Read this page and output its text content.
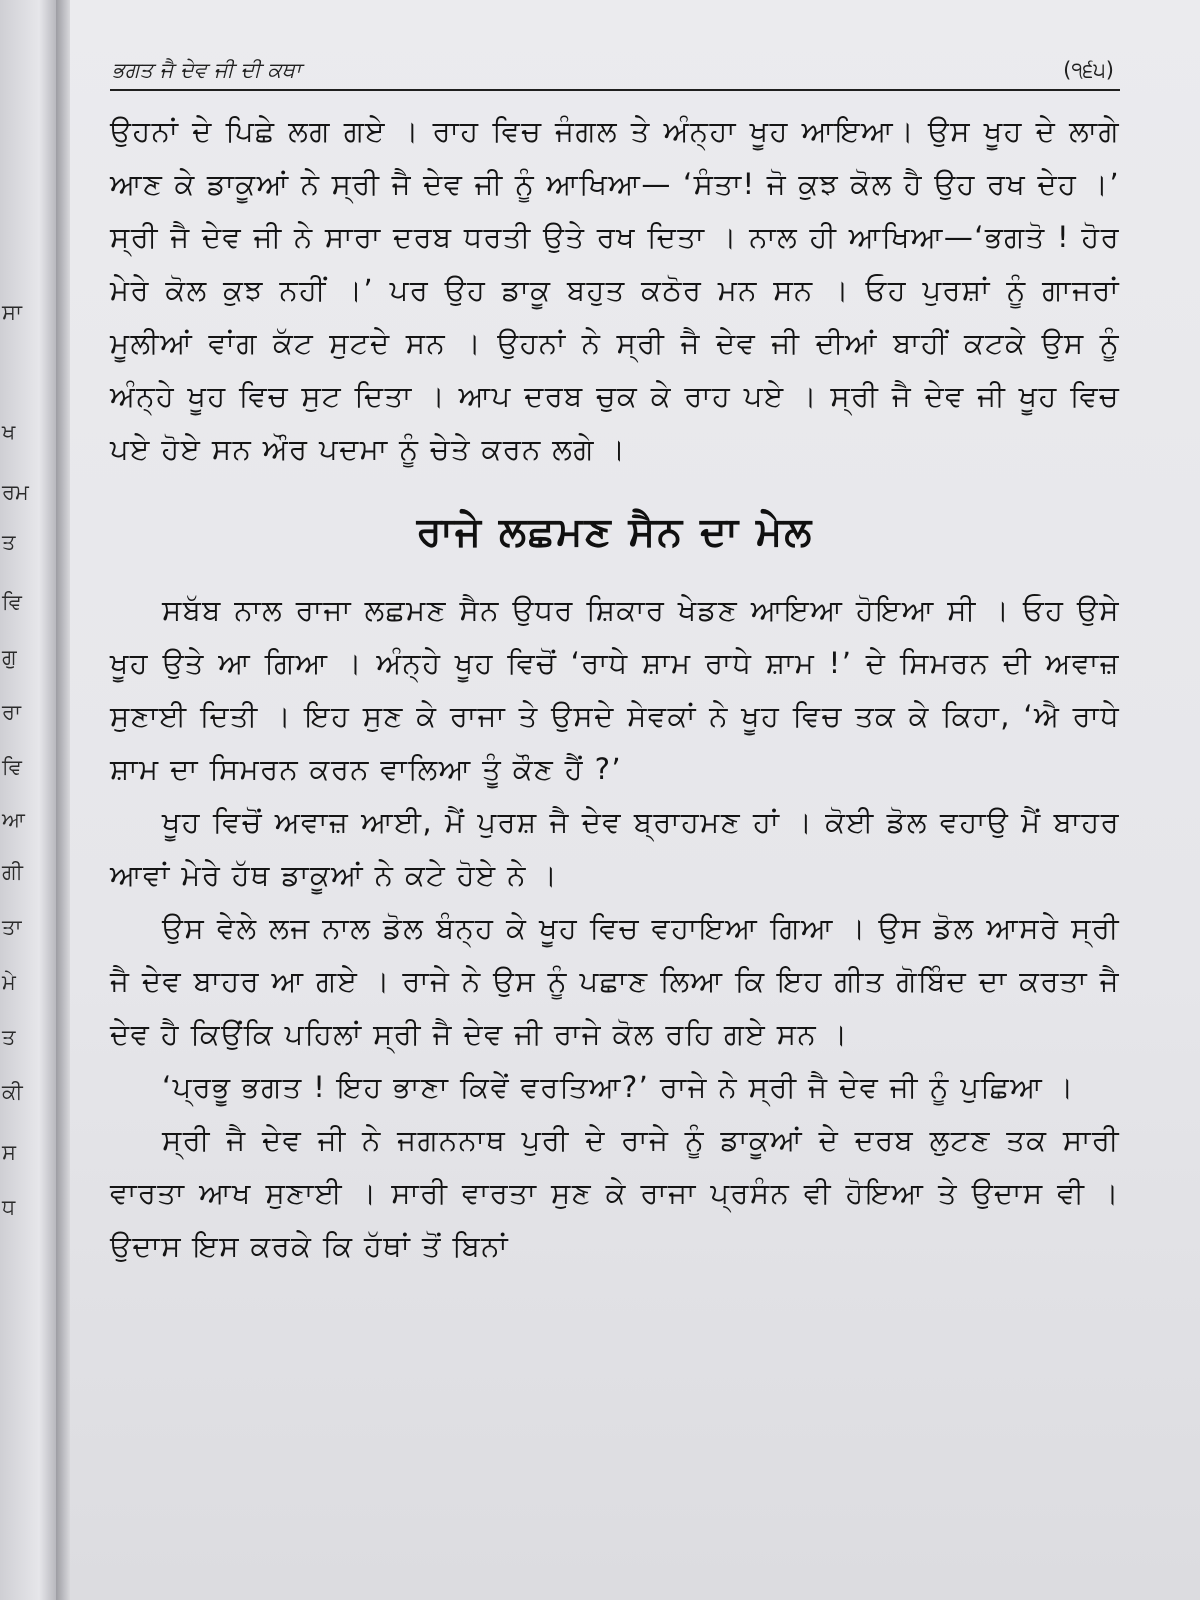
ਸਾ
ਖ
ਰਮ
ਤ
ਵਿ
ਗੁ
ਰਾ
ਵਿ
ਆ
ਗੀ
ਤਾ
ਮੇ
ਤ
ਕੀ
ਸ
ਧ
ਭਗਤ ਜੈ ਦੇਵ ਜੀ ਦੀ ਕਥਾ	(੧੬੫)

ਉਹਨਾਂ ਦੇ ਪਿਛੇ ਲਗ ਗਏ । ਰਾਹ ਵਿਚ ਜੰਗਲ ਤੇ ਅੰਨ੍ਹਾ ਖੂਹ ਆਇਆ। ਉਸ ਖੂਹ ਦੇ ਲਾਗੇ ਆਣ ਕੇ ਡਾਕੂਆਂ ਨੇ ਸ੍ਰੀ ਜੈ ਦੇਵ ਜੀ ਨੂੰ ਆਖਿਆ— ‘ਸੰਤਾ! ਜੋ ਕੁਝ ਕੋਲ ਹੈ ਉਹ ਰਖ ਦੇਹ ।’ ਸ੍ਰੀ ਜੈ ਦੇਵ ਜੀ ਨੇ ਸਾਰਾ ਦਰਬ ਧਰਤੀ ਉਤੇ ਰਖ ਦਿਤਾ । ਨਾਲ ਹੀ ਆਖਿਆ—‘ਭਗਤੋ ! ਹੋਰ ਮੇਰੇ ਕੋਲ ਕੁਝ ਨਹੀਂ ।’ ਪਰ ਉਹ ਡਾਕੂ ਬਹੁਤ ਕਠੋਰ ਮਨ ਸਨ । ਓਹ ਪੁਰਸ਼ਾਂ ਨੂੰ ਗਾਜਰਾਂ ਮੂਲੀਆਂ ਵਾਂਗ ਕੱਟ ਸੁਟਦੇ ਸਨ । ਉਹਨਾਂ ਨੇ ਸ੍ਰੀ ਜੈ ਦੇਵ ਜੀ ਦੀਆਂ ਬਾਹੀਂ ਕਟਕੇ ਉਸ ਨੂੰ ਅੰਨ੍ਹੇ ਖੂਹ ਵਿਚ ਸੁਟ ਦਿਤਾ । ਆਪ ਦਰਬ ਚੁਕ ਕੇ ਰਾਹ ਪਏ । ਸ੍ਰੀ ਜੈ ਦੇਵ ਜੀ ਖੂਹ ਵਿਚ ਪਏ ਹੋਏ ਸਨ ਔਰ ਪਦਮਾ ਨੂੰ ਚੇਤੇ ਕਰਨ ਲਗੇ ।

ਰਾਜੇ ਲਛਮਣ ਸੈਨ ਦਾ ਮੇਲ

ਸਬੱਬ ਨਾਲ ਰਾਜਾ ਲਛਮਣ ਸੈਨ ਉਧਰ ਸ਼ਿਕਾਰ ਖੇਡਣ ਆਇਆ ਹੋਇਆ ਸੀ । ਓਹ ਉਸੇ ਖੂਹ ਉਤੇ ਆ ਗਿਆ । ਅੰਨ੍ਹੇ ਖੂਹ ਵਿਚੋਂ ‘ਰਾਧੇ ਸ਼ਾਮ ਰਾਧੇ ਸ਼ਾਮ !’ ਦੇ ਸਿਮਰਨ ਦੀ ਅਵਾਜ਼ ਸੁਣਾਈ ਦਿਤੀ । ਇਹ ਸੁਣ ਕੇ ਰਾਜਾ ਤੇ ਉਸਦੇ ਸੇਵਕਾਂ ਨੇ ਖੂਹ ਵਿਚ ਤਕ ਕੇ ਕਿਹਾ, ‘ਐ ਰਾਧੇ ਸ਼ਾਮ ਦਾ ਸਿਮਰਨ ਕਰਨ ਵਾਲਿਆ ਤੂੰ ਕੌਣ ਹੈਂ ?’

ਖੂਹ ਵਿਚੋਂ ਅਵਾਜ਼ ਆਈ, ਮੈਂ ਪੁਰਸ਼ ਜੈ ਦੇਵ ਬ੍ਰਾਹਮਣ ਹਾਂ । ਕੋਈ ਡੋਲ ਵਹਾਉ ਮੈਂ ਬਾਹਰ ਆਵਾਂ ਮੇਰੇ ਹੱਥ ਡਾਕੂਆਂ ਨੇ ਕਟੇ ਹੋਏ ਨੇ ।

ਉਸ ਵੇਲੇ ਲਜ ਨਾਲ ਡੋਲ ਬੰਨ੍ਹ ਕੇ ਖੂਹ ਵਿਚ ਵਹਾਇਆ ਗਿਆ । ਉਸ ਡੋਲ ਆਸਰੇ ਸ੍ਰੀ ਜੈ ਦੇਵ ਬਾਹਰ ਆ ਗਏ । ਰਾਜੇ ਨੇ ਉਸ ਨੂੰ ਪਛਾਣ ਲਿਆ ਕਿ ਇਹ ਗੀਤ ਗੋਬਿੰਦ ਦਾ ਕਰਤਾ ਜੈ ਦੇਵ ਹੈ ਕਿਉਂਕਿ ਪਹਿਲਾਂ ਸ੍ਰੀ ਜੈ ਦੇਵ ਜੀ ਰਾਜੇ ਕੋਲ ਰਹਿ ਗਏ ਸਨ ।

‘ਪ੍ਰਭੂ ਭਗਤ ! ਇਹ ਭਾਣਾ ਕਿਵੇਂ ਵਰਤਿਆ?’ ਰਾਜੇ ਨੇ ਸ੍ਰੀ ਜੈ ਦੇਵ ਜੀ ਨੂੰ ਪੁਛਿਆ ।

ਸ੍ਰੀ ਜੈ ਦੇਵ ਜੀ ਨੇ ਜਗਨਨਾਥ ਪੁਰੀ ਦੇ ਰਾਜੇ ਨੂੰ ਡਾਕੂਆਂ ਦੇ ਦਰਬ ਲੁਟਣ ਤਕ ਸਾਰੀ ਵਾਰਤਾ ਆਖ ਸੁਣਾਈ । ਸਾਰੀ ਵਾਰਤਾ ਸੁਣ ਕੇ ਰਾਜਾ ਪ੍ਰਸੰਨ ਵੀ ਹੋਇਆ ਤੇ ਉਦਾਸ ਵੀ । ਉਦਾਸ ਇਸ ਕਰਕੇ ਕਿ ਹੱਥਾਂ ਤੋਂ ਬਿਨਾਂ
